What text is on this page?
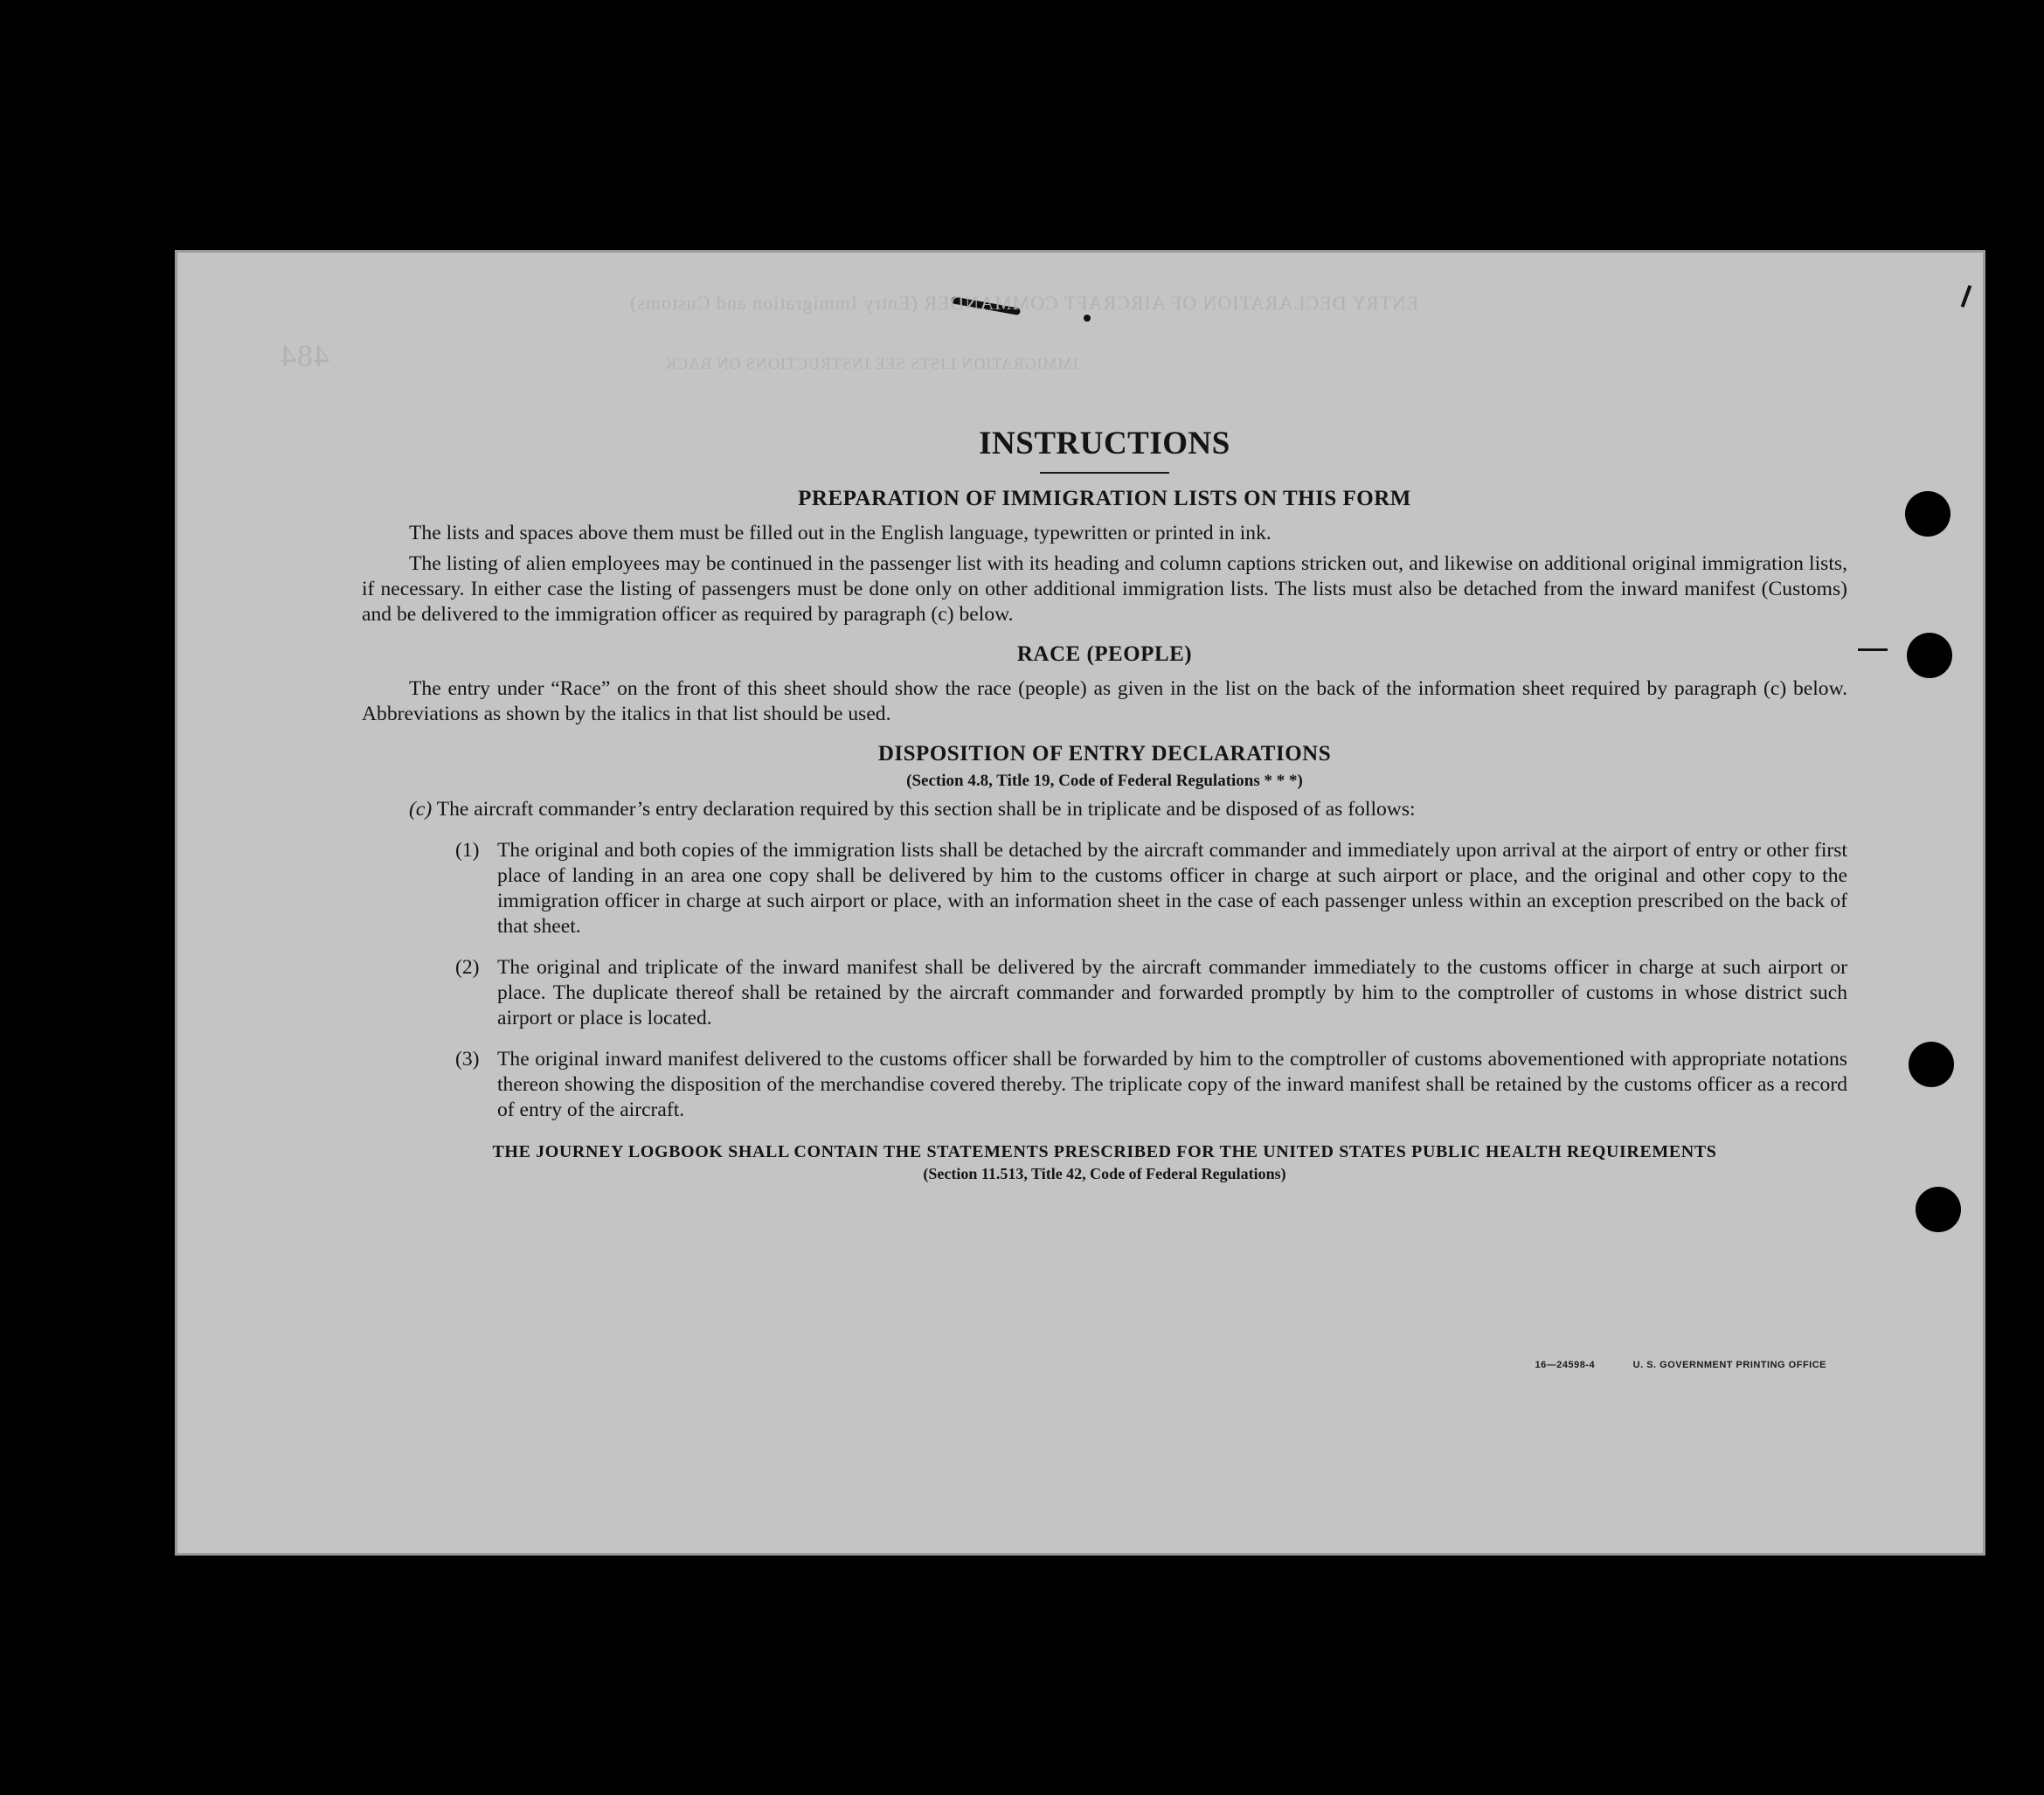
ENTRY DECLARATION OF AIRCRAFT COMMANDER (Entry Immigration and Customs)
IMMIGRATION LISTS SEE INSTRUCTIONS ON BACK
484
INSTRUCTIONS
PREPARATION OF IMMIGRATION LISTS ON THIS FORM

The lists and spaces above them must be filled out in the English language, typewritten or printed in ink.

The listing of alien employees may be continued in the passenger list with its heading and column captions stricken out, and likewise on additional original immigration lists, if necessary. In either case the listing of passengers must be done only on other additional immigration lists. The lists must also be detached from the inward manifest (Customs) and be delivered to the immigration officer as required by paragraph (c) below.

RACE (PEOPLE)

The entry under “Race” on the front of this sheet should show the race (people) as given in the list on the back of the information sheet required by paragraph (c) below. Abbreviations as shown by the italics in that list should be used.

DISPOSITION OF ENTRY DECLARATIONS
(Section 4.8, Title 19, Code of Federal Regulations * * *)

(c) The aircraft commander’s entry declaration required by this section shall be in triplicate and be disposed of as follows:

(1) The original and both copies of the immigration lists shall be detached by the aircraft commander and immediately upon arrival at the airport of entry or other first place of landing in an area one copy shall be delivered by him to the customs officer in charge at such airport or place, and the original and other copy to the immigration officer in charge at such airport or place, with an information sheet in the case of each passenger unless within an exception prescribed on the back of that sheet.
(2) The original and triplicate of the inward manifest shall be delivered by the aircraft commander immediately to the customs officer in charge at such airport or place. The duplicate thereof shall be retained by the aircraft commander and forwarded promptly by him to the comptroller of customs in whose district such airport or place is located.
(3) The original inward manifest delivered to the customs officer shall be forwarded by him to the comptroller of customs abovementioned with appropriate notations thereon showing the disposition of the merchandise covered thereby. The triplicate copy of the inward manifest shall be retained by the customs officer as a record of entry of the aircraft.
THE JOURNEY LOGBOOK SHALL CONTAIN THE STATEMENTS PRESCRIBED FOR THE UNITED STATES PUBLIC HEALTH REQUIREMENTS
(Section 11.513, Title 42, Code of Federal Regulations)
16—24598-4	U. S. GOVERNMENT PRINTING OFFICE
